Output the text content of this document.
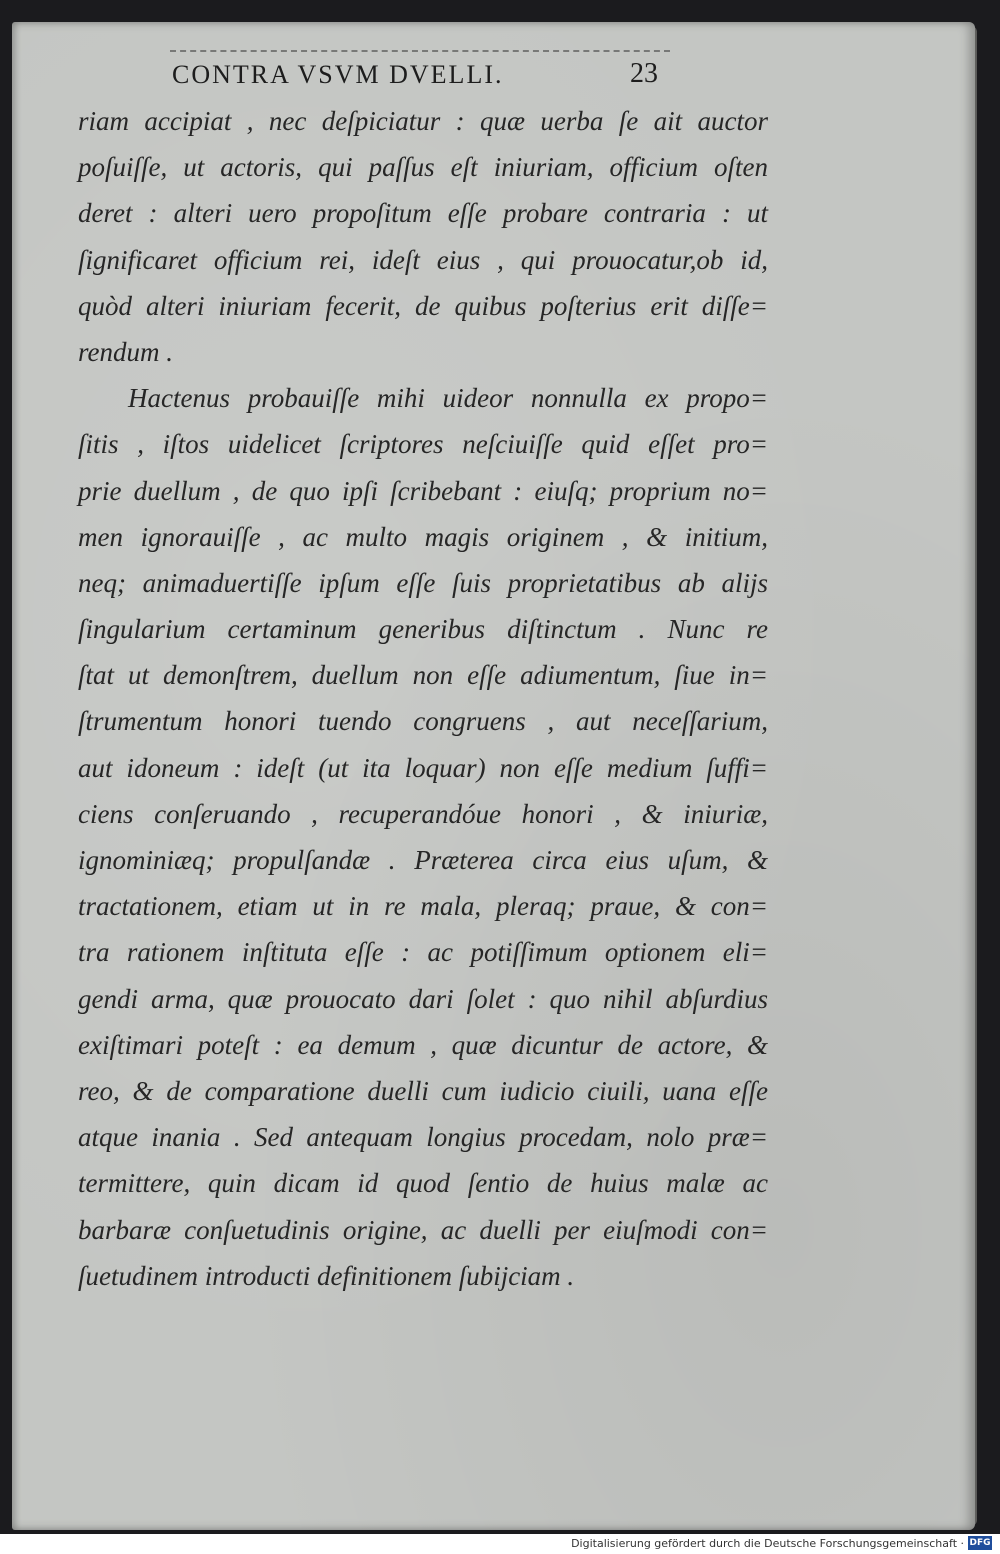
CONTRA VSVM DVELLI.	23
riam accipiat , nec deſpiciatur : quæ uerba ſe ait auctor
poſuiſſe, ut actoris, qui paſſus eſt iniuriam, officium oſten
deret : alteri uero propoſitum eſſe probare contraria : ut
ſignificaret officium rei, ideſt eius , qui prouocatur,ob id,
quòd alteri iniuriam fecerit, de quibus poſterius erit diſſe=
rendum .
Hactenus probauiſſe mihi uideor nonnulla ex propo=
ſitis , iſtos uidelicet ſcriptores neſciuiſſe quid eſſet pro=
prie duellum , de quo ipſi ſcribebant : eiuſq; proprium no=
men ignorauiſſe , ac multo magis originem , & initium,
neq; animaduertiſſe ipſum eſſe ſuis proprietatibus ab alijs
ſingularium certaminum generibus diſtinctum . Nunc re
ſtat ut demonſtrem, duellum non eſſe adiumentum, ſiue in=
ſtrumentum honori tuendo congruens , aut neceſſarium,
aut idoneum : ideſt (ut ita loquar) non eſſe medium ſuffi=
ciens conſeruando , recuperandóue honori , & iniuriæ,
ignominiæq; propulſandæ . Præterea circa eius uſum, &
tractationem, etiam ut in re mala, pleraq; praue, & con=
tra rationem inſtituta eſſe : ac potiſſimum optionem eli=
gendi arma, quæ prouocato dari ſolet : quo nihil abſurdius
exiſtimari poteſt : ea demum , quæ dicuntur de actore, &
reo, & de comparatione duelli cum iudicio ciuili, uana eſſe
atque inania . Sed antequam longius procedam, nolo præ=
termittere, quin dicam id quod ſentio de huius malæ ac
barbaræ conſuetudinis origine, ac duelli per eiuſmodi con=
ſuetudinem introducti definitionem ſubijciam .
Digitalisierung gefördert durch die Deutsche Forschungsgemeinschaft · DFG
